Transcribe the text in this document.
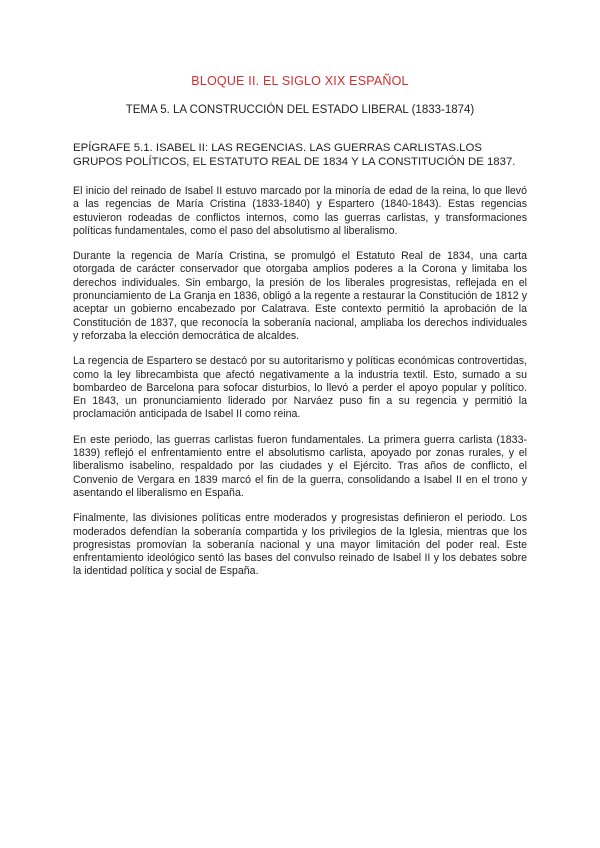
BLOQUE II. EL SIGLO XIX ESPAÑOL
TEMA 5. LA CONSTRUCCIÓN DEL ESTADO LIBERAL (1833-1874)
EPÍGRAFE 5.1. ISABEL II: LAS REGENCIAS. LAS GUERRAS CARLISTAS.LOS GRUPOS POLÍTICOS, EL ESTATUTO REAL DE 1834 Y LA CONSTITUCIÓN DE 1837.

El inicio del reinado de Isabel II estuvo marcado por la minoría de edad de la reina, lo que llevó a las regencias de María Cristina (1833-1840) y Espartero (1840-1843). Estas regencias estuvieron rodeadas de conflictos internos, como las guerras carlistas, y transformaciones políticas fundamentales, como el paso del absolutismo al liberalismo.

Durante la regencia de María Cristina, se promulgó el Estatuto Real de 1834, una carta otorgada de carácter conservador que otorgaba amplios poderes a la Corona y limitaba los derechos individuales. Sin embargo, la presión de los liberales progresistas, reflejada en el pronunciamiento de La Granja en 1836, obligó a la regente a restaurar la Constitución de 1812 y aceptar un gobierno encabezado por Calatrava. Este contexto permitió la aprobación de la Constitución de 1837, que reconocía la soberanía nacional, ampliaba los derechos individuales y reforzaba la elección democrática de alcaldes.

La regencia de Espartero se destacó por su autoritarismo y políticas económicas controvertidas, como la ley librecambista que afectó negativamente a la industria textil. Esto, sumado a su bombardeo de Barcelona para sofocar disturbios, lo llevó a perder el apoyo popular y político. En 1843, un pronunciamiento liderado por Narváez puso fin a su regencia y permitió la proclamación anticipada de Isabel II como reina.

En este periodo, las guerras carlistas fueron fundamentales. La primera guerra carlista (1833-1839) reflejó el enfrentamiento entre el absolutismo carlista, apoyado por zonas rurales, y el liberalismo isabelino, respaldado por las ciudades y el Ejército. Tras años de conflicto, el Convenio de Vergara en 1839 marcó el fin de la guerra, consolidando a Isabel II en el trono y asentando el liberalismo en España.

Finalmente, las divisiones políticas entre moderados y progresistas definieron el periodo. Los moderados defendían la soberanía compartida y los privilegios de la Iglesia, mientras que los progresistas promovían la soberanía nacional y una mayor limitación del poder real. Este enfrentamiento ideológico sentó las bases del convulso reinado de Isabel II y los debates sobre la identidad política y social de España.
